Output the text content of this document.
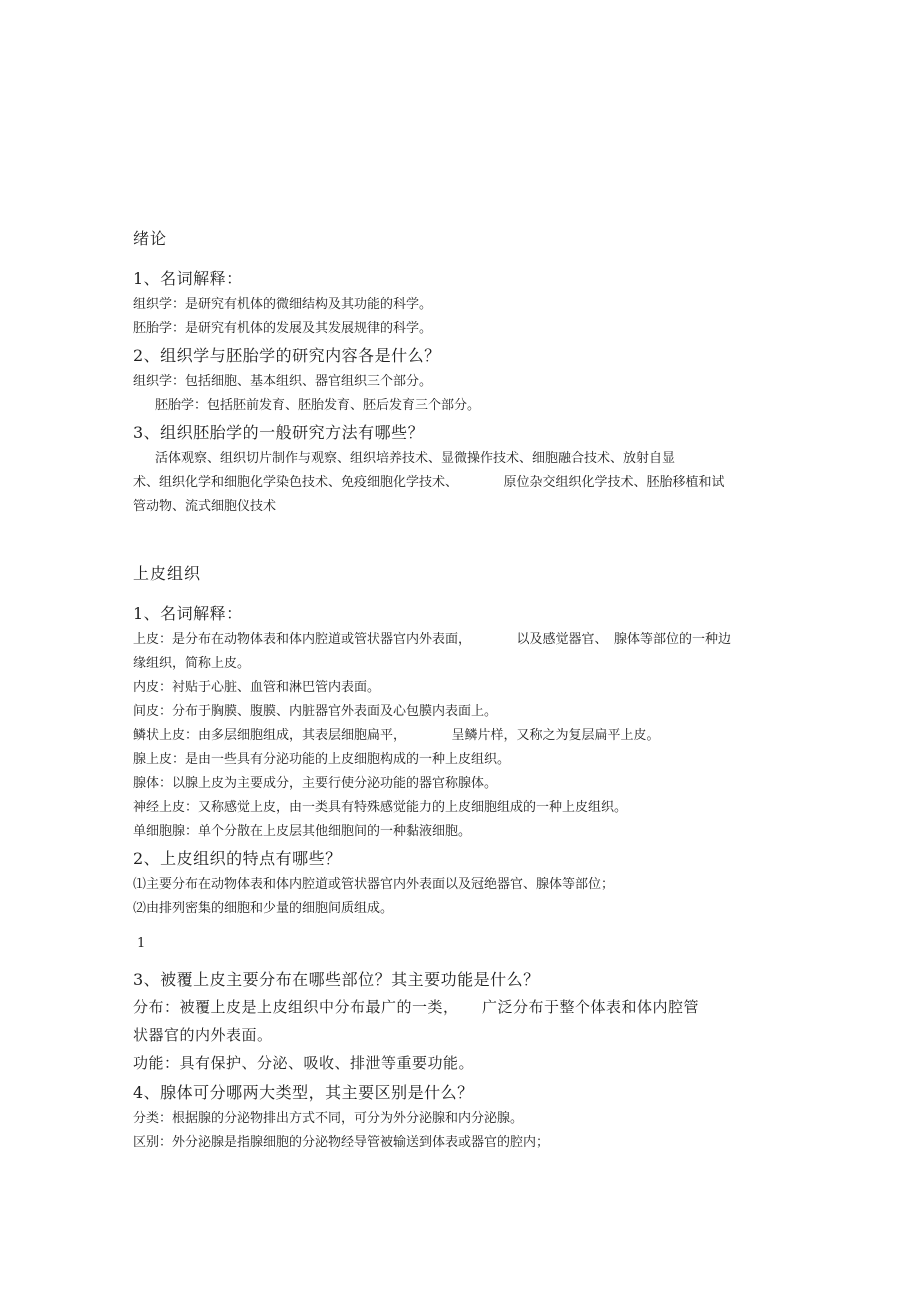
绪论
1、名词解释：
组织学：是研究有机体的微细结构及其功能的科学。
胚胎学：是研究有机体的发展及其发展规律的科学。
2、组织学与胚胎学的研究内容各是什么？
组织学：包括细胞、基本组织、器官组织三个部分。
胚胎学：包括胚前发育、胚胎发育、胚后发育三个部分。
3、组织胚胎学的一般研究方法有哪些？
活体观察、组织切片制作与观察、组织培养技术、显微操作技术、细胞融合技术、放射自显
术、组织化学和细胞化学染色技术、免疫细胞化学技术、　　　　原位杂交组织化学技术、胚胎移植和试
管动物、流式细胞仪技术
上皮组织
1、名词解释：
上皮：是分布在动物体表和体内腔道或管状器官内外表面，　　　　以及感觉器官、　腺体等部位的一种边
缘组织，简称上皮。
内皮：衬贴于心脏、血管和淋巴管内表面。
间皮：分布于胸膜、腹膜、内脏器官外表面及心包膜内表面上。
鳞状上皮：由多层细胞组成，其表层细胞扁平，　　　　呈鳞片样，又称之为复层扁平上皮。
腺上皮：是由一些具有分泌功能的上皮细胞构成的一种上皮组织。
腺体：以腺上皮为主要成分，主要行使分泌功能的器官称腺体。
神经上皮：又称感觉上皮，由一类具有特殊感觉能力的上皮细胞组成的一种上皮组织。
单细胞腺：单个分散在上皮层其他细胞间的一种黏液细胞。
2、上皮组织的特点有哪些？
⑴主要分布在动物体表和体内腔道或管状器官内外表面以及冠绝器官、腺体等部位；
⑵由排列密集的细胞和少量的细胞间质组成。
1
3、被覆上皮主要分布在哪些部位？其主要功能是什么？
分布：被覆上皮是上皮组织中分布最广的一类，　　广泛分布于整个体表和体内腔管
状器官的内外表面。
功能：具有保护、分泌、吸收、排泄等重要功能。
4、腺体可分哪两大类型，其主要区别是什么？
分类：根据腺的分泌物排出方式不同，可分为外分泌腺和内分泌腺。
区别：外分泌腺是指腺细胞的分泌物经导管被输送到体表或器官的腔内；
